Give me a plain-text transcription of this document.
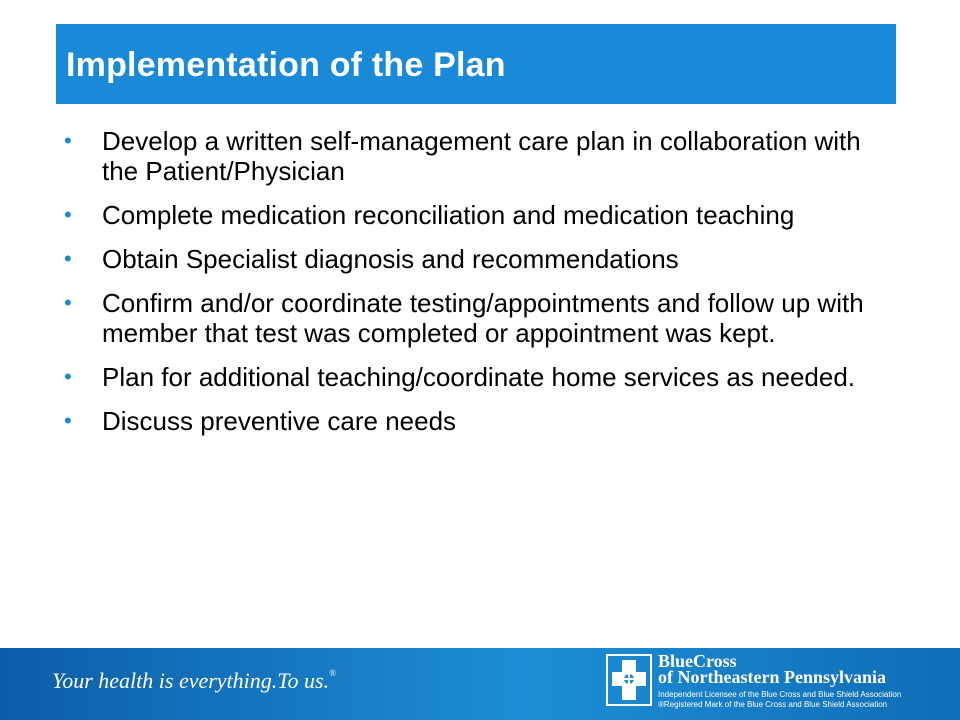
Implementation of the Plan
• Develop a written self-management care plan in collaboration with the Patient/Physician
• Complete medication reconciliation and medication teaching
• Obtain Specialist diagnosis and recommendations
• Confirm and/or coordinate testing/appointments and follow up with member that test was completed or appointment was kept.
• Plan for additional teaching/coordinate home services as needed.
• Discuss preventive care needs
Your health is everything.To us.®
BlueCross
of Northeastern Pennsylvania
Independent Licensee of the Blue Cross and Blue Shield Association
®Registered Mark of the Blue Cross and Blue Shield Association
